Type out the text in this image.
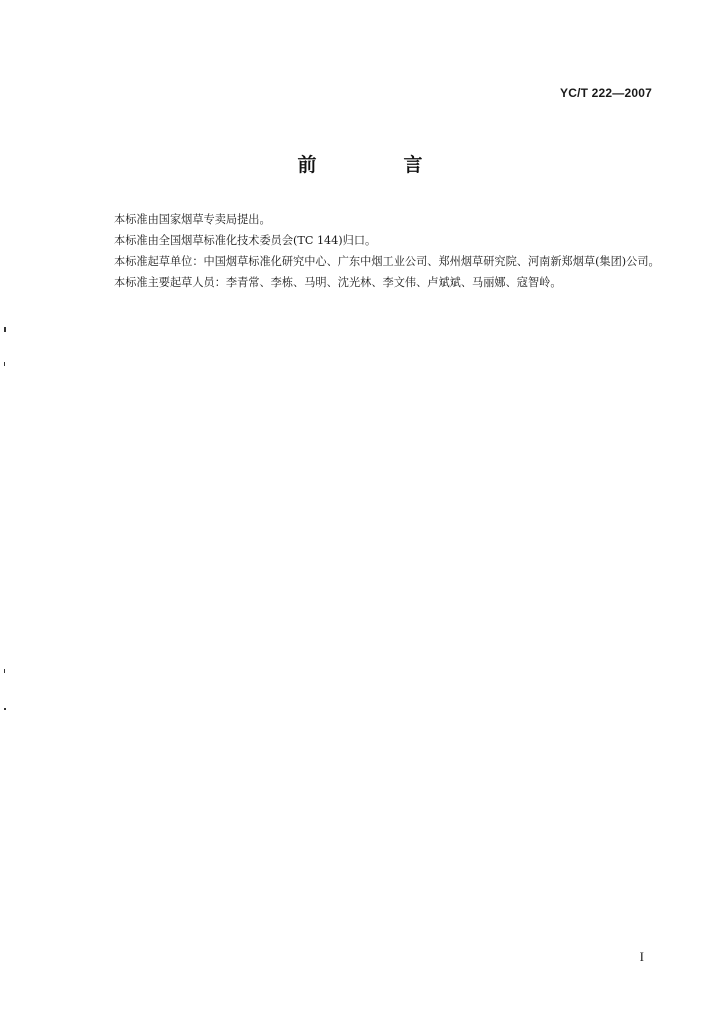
YC/T 222—2007
前　言

本标准由国家烟草专卖局提出。

本标准由全国烟草标准化技术委员会(TC 144)归口。

本标准起草单位：中国烟草标准化研究中心、广东中烟工业公司、郑州烟草研究院、河南新郑烟草(集团)公司。

本标准主要起草人员：李青常、李栋、马明、沈光林、李文伟、卢斌斌、马丽娜、寇智岭。

I
